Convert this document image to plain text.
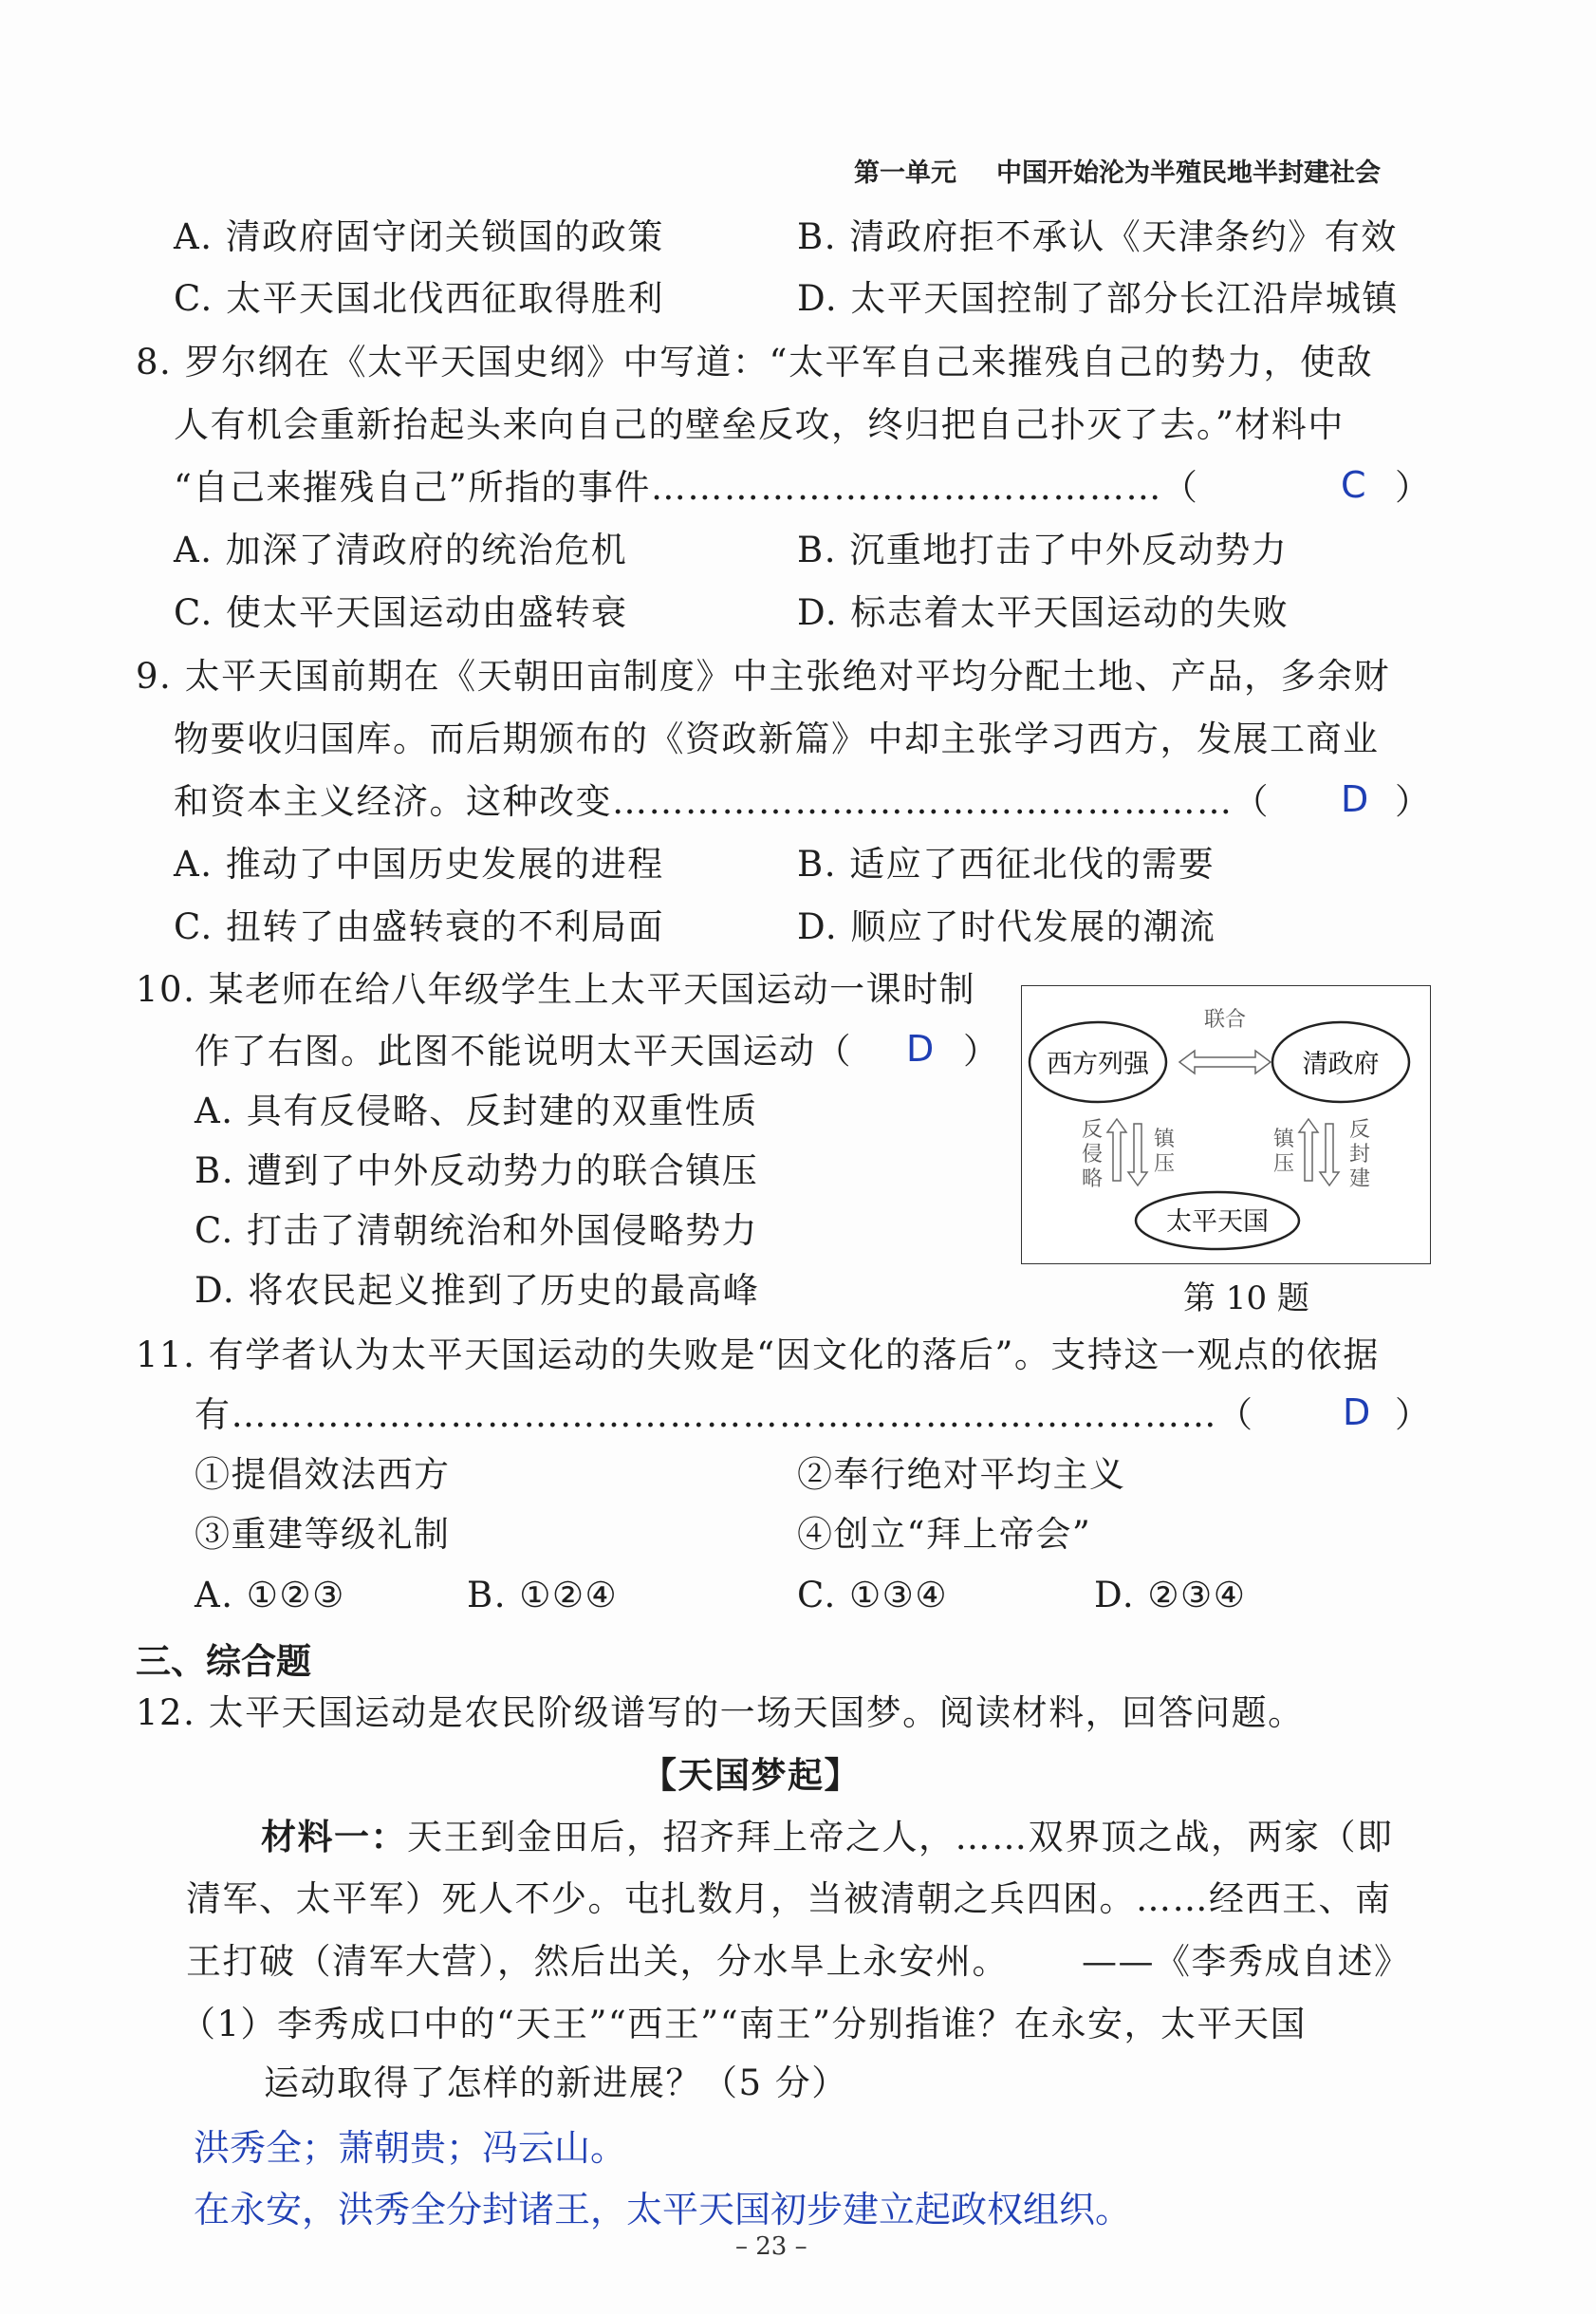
第一单元 中国开始沦为半殖民地半封建社会
A. 清政府固守闭关锁国的政策	B. 清政府拒不承认《天津条约》有效
C. 太平天国北伐西征取得胜利	D. 太平天国控制了部分长江沿岸城镇
8. 罗尔纲在《太平天国史纲》中写道：“太平军自己来摧残自己的势力，使敌
人有机会重新抬起头来向自己的壁垒反攻，终归把自己扑灭了去。”材料中
“自己来摧残自己”所指的事件……………………………………（	C ）
A. 加深了清政府的统治危机	B. 沉重地打击了中外反动势力
C. 使太平天国运动由盛转衰	D. 标志着太平天国运动的失败
9. 太平天国前期在《天朝田亩制度》中主张绝对平均分配土地、产品，多余财
物要收归国库。而后期颁布的《资政新篇》中却主张学习西方，发展工商业
和资本主义经济。这种改变……………………………………………（ D ）
A. 推动了中国历史发展的进程	B. 适应了西征北伐的需要
C. 扭转了由盛转衰的不利局面	D. 顺应了时代发展的潮流
10. 某老师在给八年级学生上太平天国运动一课时制
作了右图。此图不能说明太平天国运动（ D ）
A. 具有反侵略、反封建的双重性质
B. 遭到了中外反动势力的联合镇压
C. 打击了清朝统治和外国侵略势力
D. 将农民起义推到了历史的最高峰
西方列强	清政府
太平天国
联合
反
侵
略
镇
压
镇
压
反
封
建
第 10 题
11. 有学者认为太平天国运动的失败是“因文化的落后”。支持这一观点的依据
有………………………………………………………………………（ D ）
①提倡效法西方	②奉行绝对平均主义
③重建等级礼制	④创立“拜上帝会”
A. ①②③	B. ①②④	C. ①③④	D. ②③④
三、综合题
12. 太平天国运动是农民阶级谱写的一场天国梦。阅读材料，回答问题。
【天国梦起】
材料一：天王到金田后，招齐拜上帝之人，……双界顶之战，两家（即
清军、太平军）死人不少。屯扎数月，当被清朝之兵四困。……经西王、南
王打破（清军大营），然后出关，分水旱上永安州。 ——《李秀成自述》
（1）李秀成口中的“天王”“西王”“南王”分别指谁？在永安，太平天国
运动取得了怎样的新进展？（5 分）
洪秀全；萧朝贵；冯云山。
在永安，洪秀全分封诸王，太平天国初步建立起政权组织。
– 23 –
